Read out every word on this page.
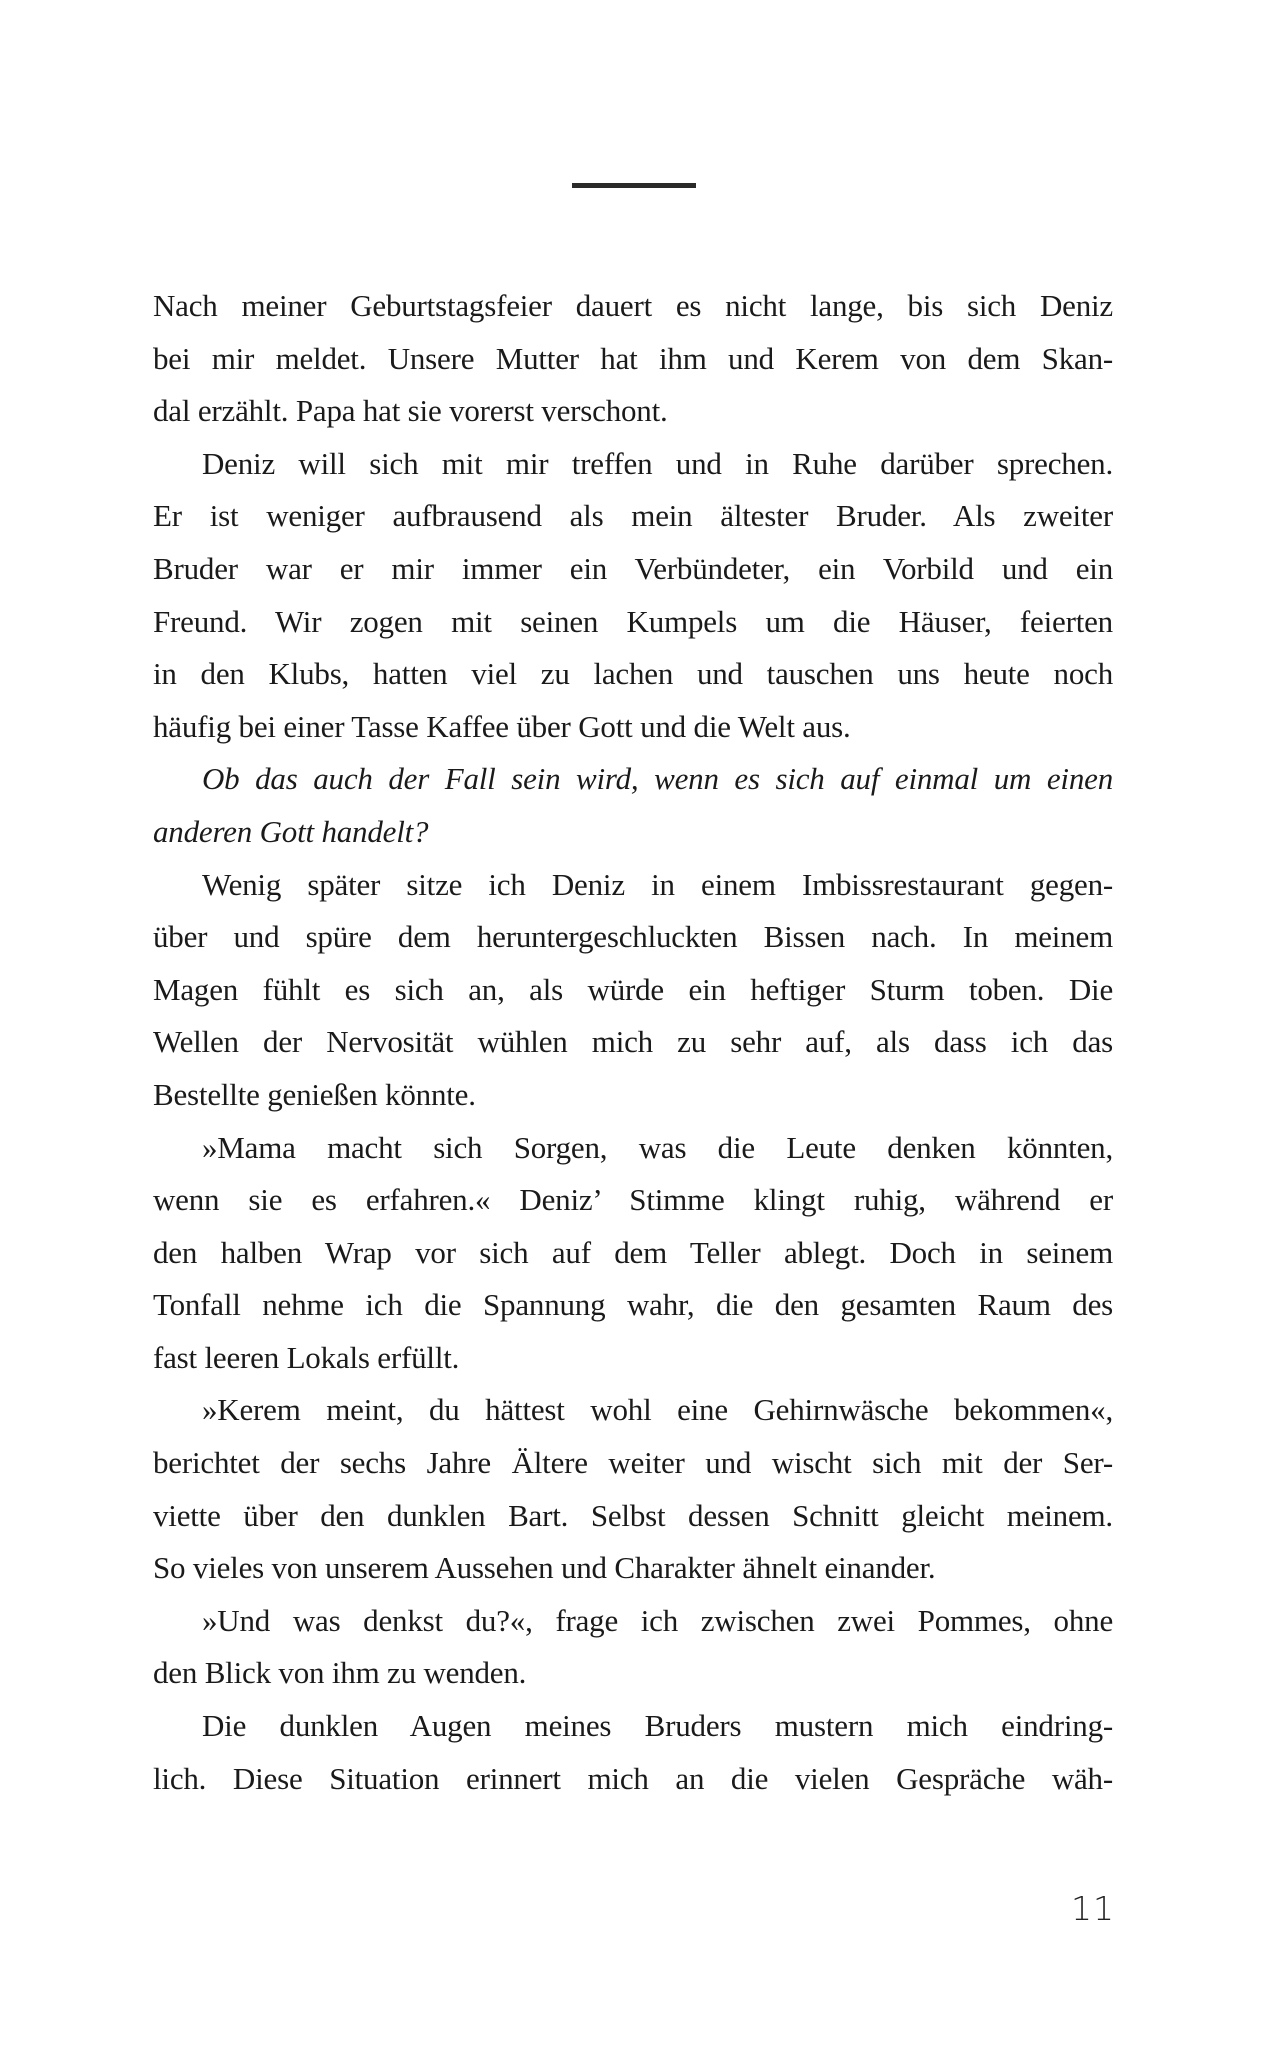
Nach meiner Geburtstagsfeier dauert es nicht lange, bis sich Deniz
bei mir meldet. Unsere Mutter hat ihm und Kerem von dem Skan-
dal erzählt. Papa hat sie vorerst verschont.
Deniz will sich mit mir treffen und in Ruhe darüber sprechen.
Er ist weniger aufbrausend als mein ältester Bruder. Als zweiter
Bruder war er mir immer ein Verbündeter, ein Vorbild und ein
Freund. Wir zogen mit seinen Kumpels um die Häuser, feierten
in den Klubs, hatten viel zu lachen und tauschen uns heute noch
häufig bei einer Tasse Kaffee über Gott und die Welt aus.
Ob das auch der Fall sein wird, wenn es sich auf einmal um einen
anderen Gott handelt?
Wenig später sitze ich Deniz in einem Imbissrestaurant gegen-
über und spüre dem heruntergeschluckten Bissen nach. In meinem
Magen fühlt es sich an, als würde ein heftiger Sturm toben. Die
Wellen der Nervosität wühlen mich zu sehr auf, als dass ich das
Bestellte genießen könnte.
»Mama macht sich Sorgen, was die Leute denken könnten,
wenn sie es erfahren.« Deniz’ Stimme klingt ruhig, während er
den halben Wrap vor sich auf dem Teller ablegt. Doch in seinem
Tonfall nehme ich die Spannung wahr, die den gesamten Raum des
fast leeren Lokals erfüllt.
»Kerem meint, du hättest wohl eine Gehirnwäsche bekommen«,
berichtet der sechs Jahre Ältere weiter und wischt sich mit der Ser-
viette über den dunklen Bart. Selbst dessen Schnitt gleicht meinem.
So vieles von unserem Aussehen und Charakter ähnelt einander.
»Und was denkst du?«, frage ich zwischen zwei Pommes, ohne
den Blick von ihm zu wenden.
Die dunklen Augen meines Bruders mustern mich eindring-
lich. Diese Situation erinnert mich an die vielen Gespräche wäh-
11
